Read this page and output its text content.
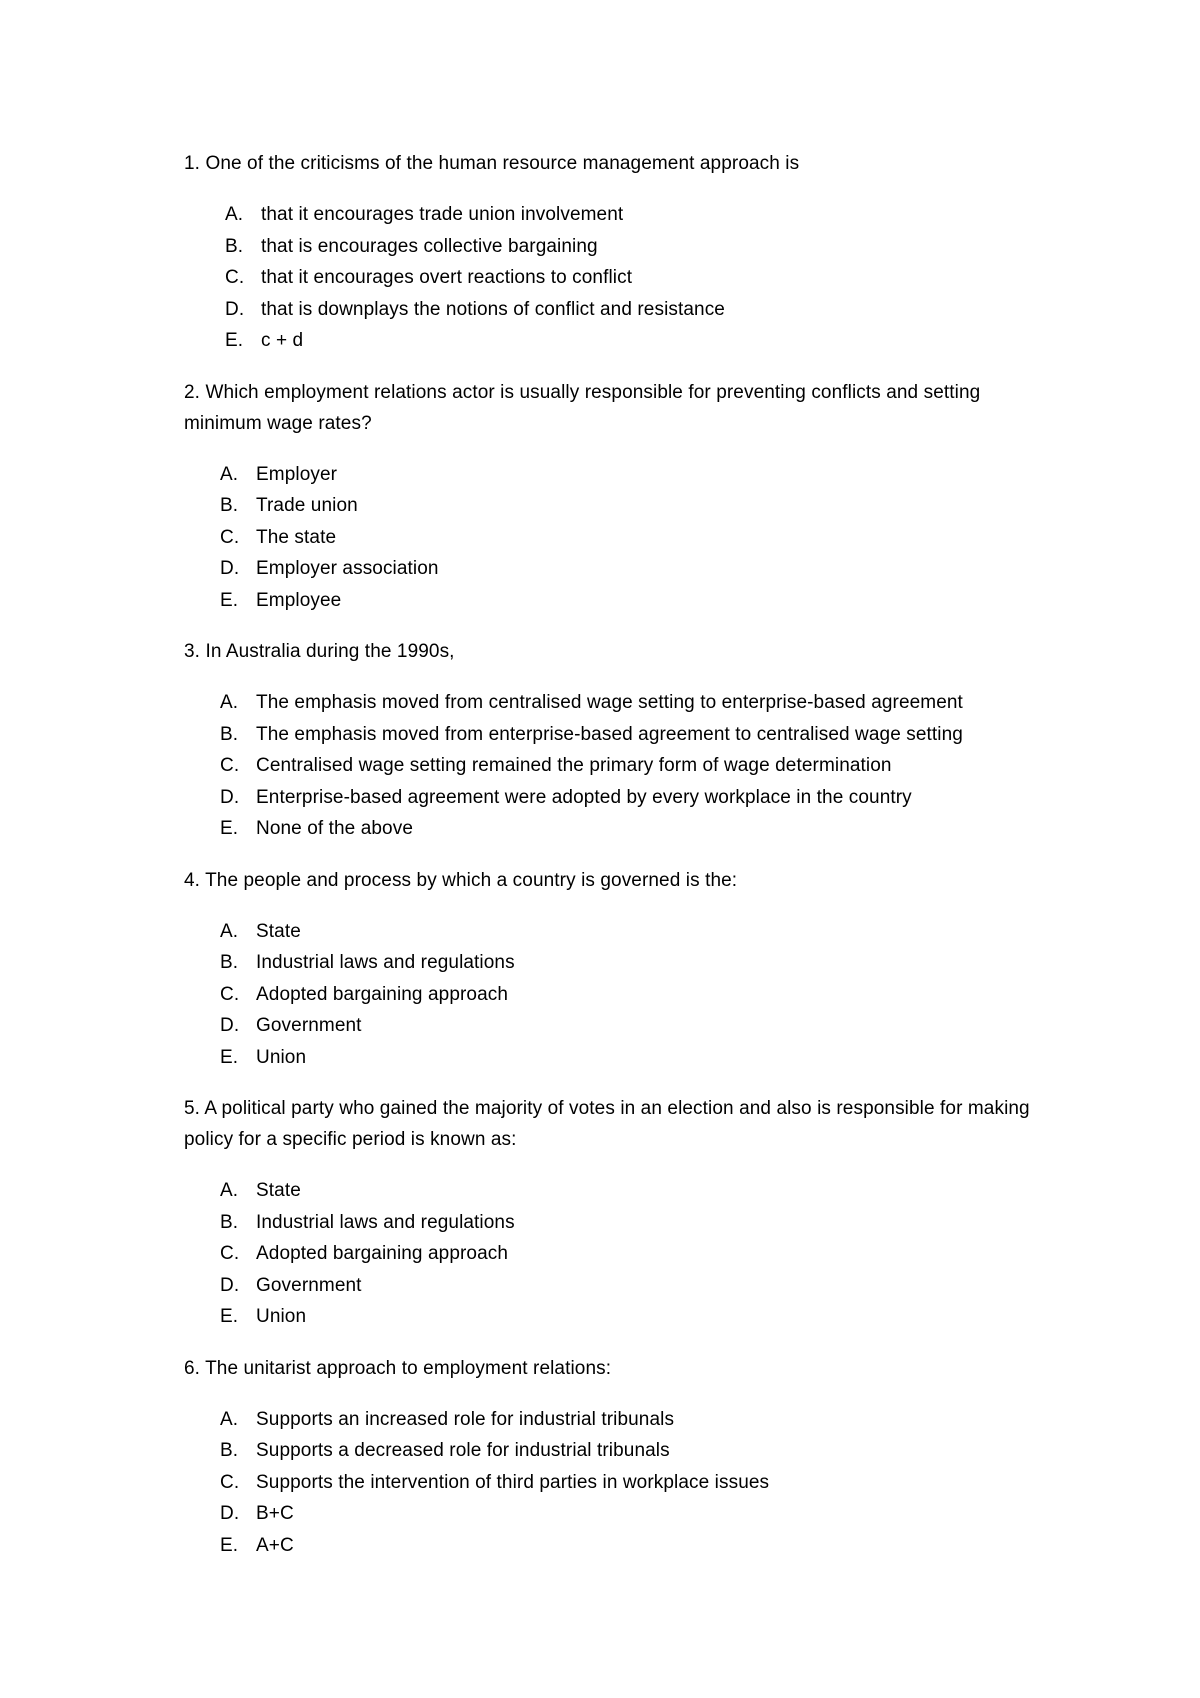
1. One of the criticisms of the human resource management approach is

A. that it encourages trade union involvement
B. that is encourages collective bargaining
C. that it encourages overt reactions to conflict
D. that is downplays the notions of conflict and resistance
E. c + d

2. Which employment relations actor is usually responsible for preventing conflicts and setting minimum wage rates?

A. Employer
B. Trade union
C. The state
D. Employer association
E. Employee

3. In Australia during the 1990s,

A. The emphasis moved from centralised wage setting to enterprise-based agreement
B. The emphasis moved from enterprise-based agreement to centralised wage setting
C. Centralised wage setting remained the primary form of wage determination
D. Enterprise-based agreement were adopted by every workplace in the country
E. None of the above

4. The people and process by which a country is governed is the:

A. State
B. Industrial laws and regulations
C. Adopted bargaining approach
D. Government
E. Union

5. A political party who gained the majority of votes in an election and also is responsible for making policy for a specific period is known as:

A. State
B. Industrial laws and regulations
C. Adopted bargaining approach
D. Government
E. Union

6. The unitarist approach to employment relations:

A. Supports an increased role for industrial tribunals
B. Supports a decreased role for industrial tribunals
C. Supports the intervention of third parties in workplace issues
D. B+C
E. A+C
